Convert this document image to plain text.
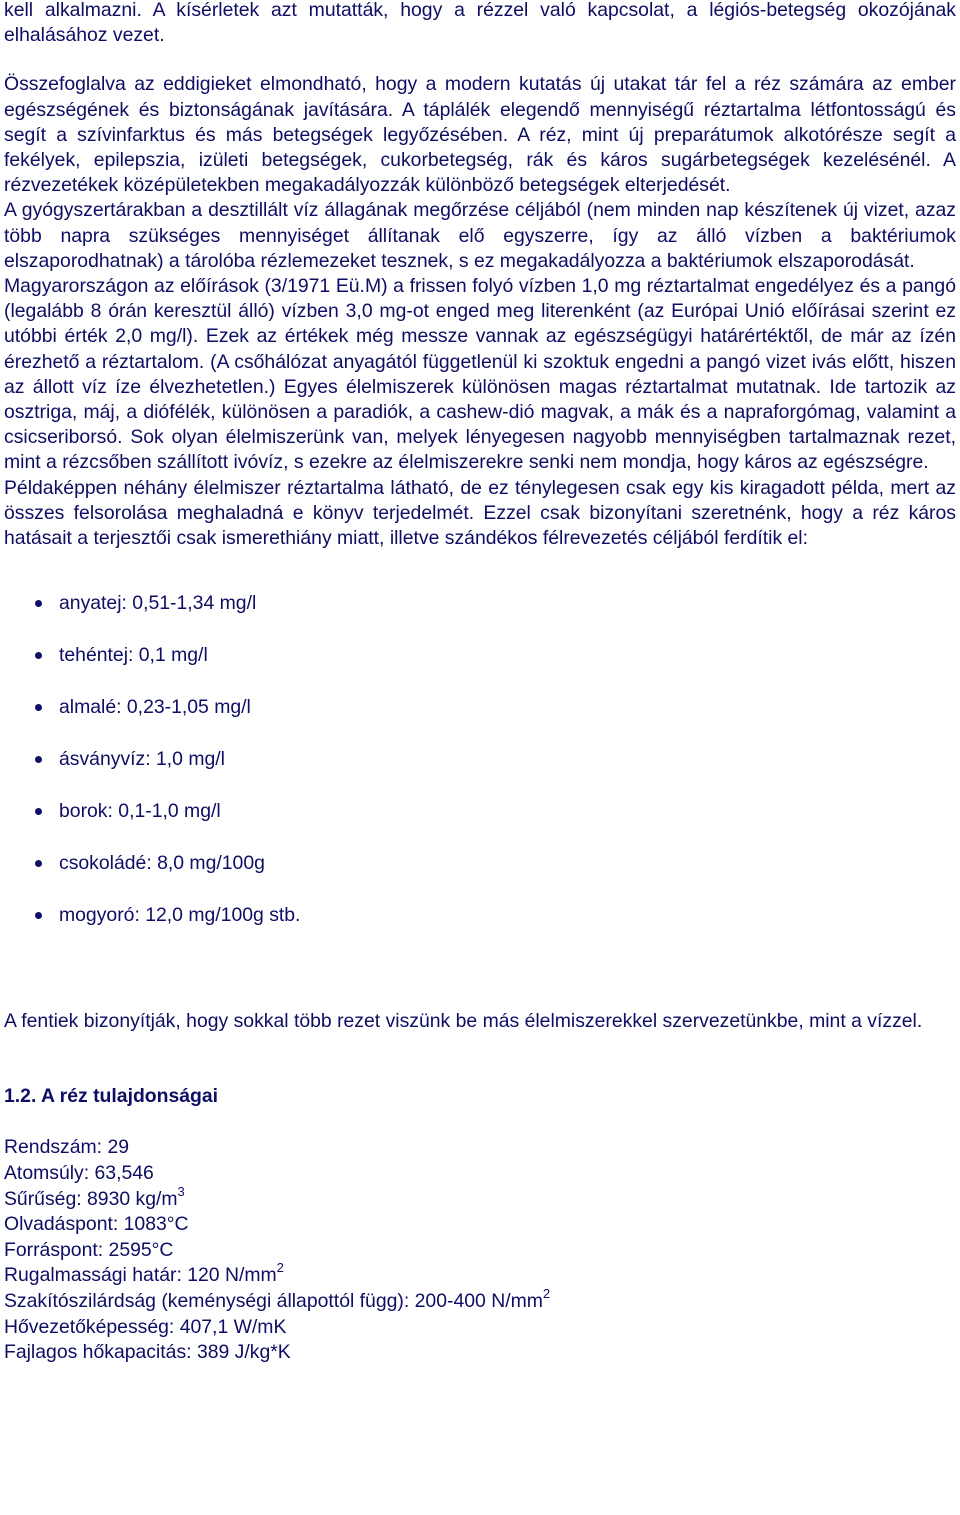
kell alkalmazni. A kísérletek azt mutatták, hogy a rézzel való kapcsolat, a légiós-betegség okozójának elhalásához vezet.

Összefoglalva az eddigieket elmondható, hogy a modern kutatás új utakat tár fel a réz számára az ember egészségének és biztonságának javítására. A táplálék elegendő mennyiségű réztartalma létfontosságú és segít a szívinfarktus és más betegségek legyőzésében. A réz, mint új preparátumok alkotórésze segít a fekélyek, epilepszia, izületi betegségek, cukorbetegség, rák és káros sugárbetegségek kezelésénél. A rézvezetékek középületekben megakadályozzák különböző betegségek elterjedését.

A gyógyszertárakban a desztillált víz állagának megőrzése céljából (nem minden nap készítenek új vizet, azaz több napra szükséges mennyiséget állítanak elő egyszerre, így az álló vízben a baktériumok elszaporodhatnak) a tárolóba rézlemezeket tesznek, s ez megakadályozza a baktériumok elszaporodását.

Magyarországon az előírások (3/1971 Eü.M) a frissen folyó vízben 1,0 mg réztartalmat engedélyez és a pangó (legalább 8 órán keresztül álló) vízben 3,0 mg-ot enged meg literenként (az Európai Unió előírásai szerint ez utóbbi érték 2,0 mg/l). Ezek az értékek még messze vannak az egészségügyi határértéktől, de már az ízén érezhető a réztartalom. (A csőhálózat anyagától függetlenül ki szoktuk engedni a pangó vizet ivás előtt, hiszen az állott víz íze élvezhetetlen.) Egyes élelmiszerek különösen magas réztartalmat mutatnak. Ide tartozik az osztriga, máj, a diófélék, különösen a paradiók, a cashew-dió magvak, a mák és a napraforgómag, valamint a csicseriborsó. Sok olyan élelmiszerünk van, melyek lényegesen nagyobb mennyiségben tartalmaznak rezet, mint a rézcsőben szállított ivóvíz, s ezekre az élelmiszerekre senki nem mondja, hogy káros az egészségre.

Példaképpen néhány élelmiszer réztartalma látható, de ez ténylegesen csak egy kis kiragadott példa, mert az összes felsorolása meghaladná e könyv terjedelmét. Ezzel csak bizonyítani szeretnénk, hogy a réz káros hatásait a terjesztői csak ismerethiány miatt, illetve szándékos félrevezetés céljából ferdítik el:

anyatej: 0,51-1,34 mg/l
tehéntej: 0,1 mg/l
almalé: 0,23-1,05 mg/l
ásványvíz: 1,0 mg/l
borok: 0,1-1,0 mg/l
csokoládé: 8,0 mg/100g
mogyoró: 12,0 mg/100g stb.

A fentiek bizonyítják, hogy sokkal több rezet viszünk be más élelmiszerekkel szervezetünkbe, mint a vízzel.

1.2. A réz tulajdonságai
Rendszám: 29
Atomsúly: 63,546
Sűrűség: 8930 $kg/m^3$
Olvadáspont: 1083°C
Forráspont: 2595°C
Rugalmassági határ: 120 $N/mm^2$
Szakítószilárdság (keménységi állapottól függ): 200-400 $N/mm^2$
Hővezetőképesség: 407,1 W/mK
Fajlagos hőkapacitás: 389 J/kg*K
